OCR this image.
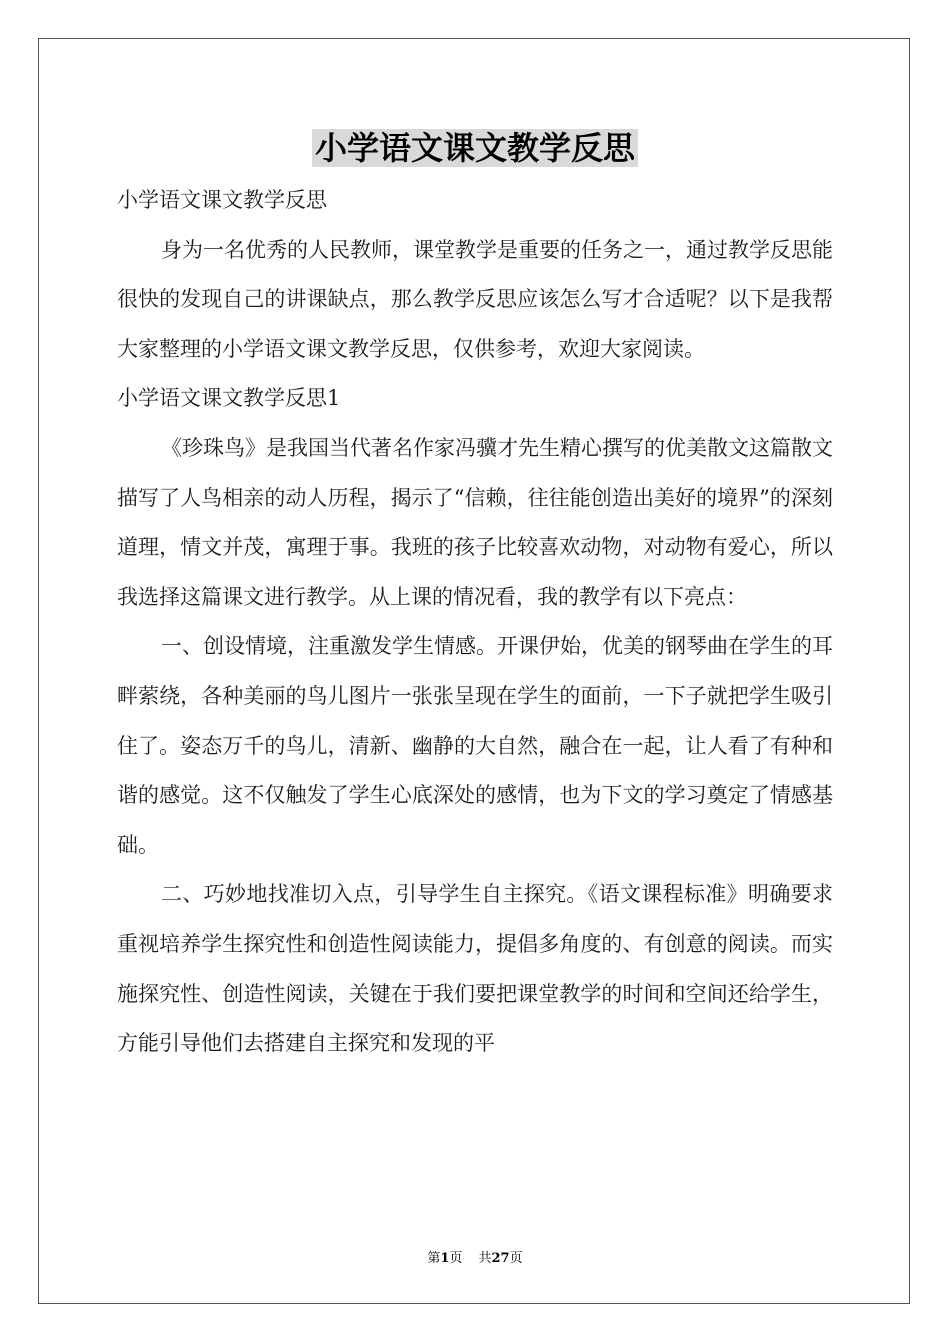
小学语文课文教学反思

小学语文课文教学反思

身为一名优秀的人民教师，课堂教学是重要的任务之一，通过教学反思能很快的发现自己的讲课缺点，那么教学反思应该怎么写才合适呢？以下是我帮大家整理的小学语文课文教学反思，仅供参考，欢迎大家阅读。

小学语文课文教学反思1

《珍珠鸟》是我国当代著名作家冯骥才先生精心撰写的优美散文这篇散文描写了人鸟相亲的动人历程，揭示了“信赖，往往能创造出美好的境界”的深刻道理，情文并茂，寓理于事。我班的孩子比较喜欢动物，对动物有爱心，所以我选择这篇课文进行教学。从上课的情况看，我的教学有以下亮点：

一、创设情境，注重激发学生情感。开课伊始，优美的钢琴曲在学生的耳畔萦绕，各种美丽的鸟儿图片一张张呈现在学生的面前，一下子就把学生吸引住了。姿态万千的鸟儿，清新、幽静的大自然，融合在一起，让人看了有种和谐的感觉。这不仅触发了学生心底深处的感情，也为下文的学习奠定了情感基础。

二、巧妙地找准切入点，引导学生自主探究。《语文课程标准》明确要求重视培养学生探究性和创造性阅读能力，提倡多角度的、有创意的阅读。而实施探究性、创造性阅读，关键在于我们要把课堂教学的时间和空间还给学生，方能引导他们去搭建自主探究和发现的平

第1页 共27页
